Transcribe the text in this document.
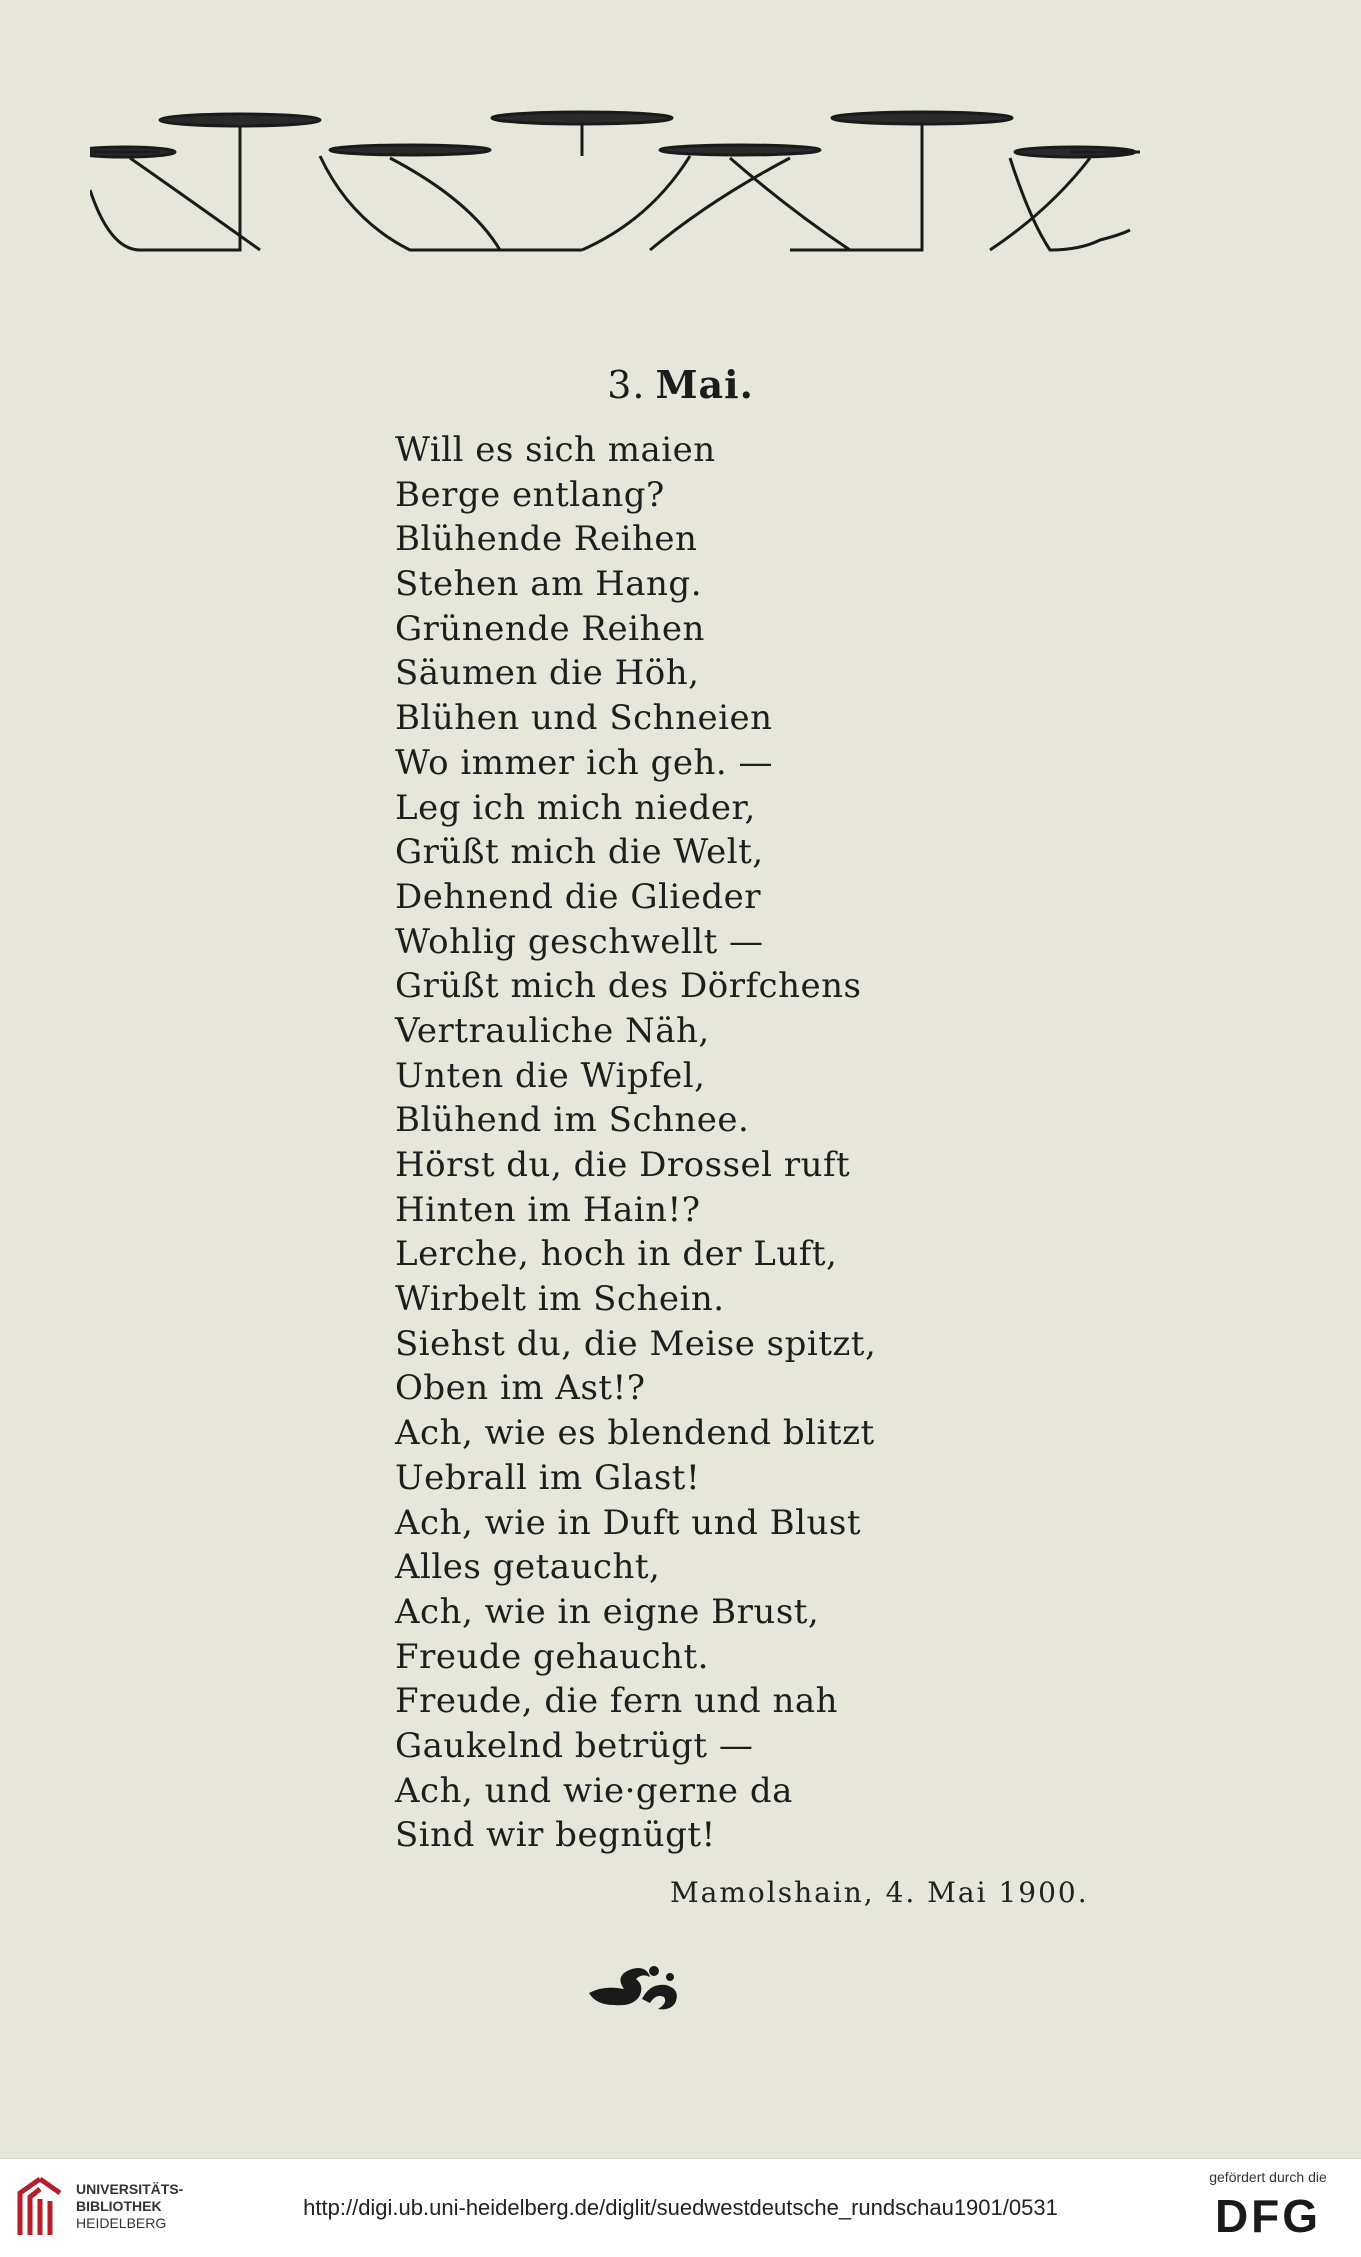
3. Mai.
Will es sich maien
Berge entlang?
Blühende Reihen
Stehen am Hang.
Grünende Reihen
Säumen die Höh,
Blühen und Schneien
Wo immer ich geh. —
Leg ich mich nieder,
Grüßt mich die Welt,
Dehnend die Glieder
Wohlig geschwellt —
Grüßt mich des Dörfchens
Vertrauliche Näh,
Unten die Wipfel,
Blühend im Schnee.
Hörst du, die Drossel ruft
Hinten im Hain!?
Lerche, hoch in der Luft,
Wirbelt im Schein.
Siehst du, die Meise spitzt,
Oben im Ast!?
Ach, wie es blendend blitzt
Uebrall im Glast!
Ach, wie in Duft und Blust
Alles getaucht,
Ach, wie in eigne Brust,
Freude gehaucht.
Freude, die fern und nah
Gaukelnd betrügt —
Ach, und wie·gerne da
Sind wir begnügt!
Mamolshain, 4. Mai 1900.
UNIVERSITÄTS-
BIBLIOTHEK
HEIDELBERG
http://digi.ub.uni-heidelberg.de/diglit/suedwestdeutsche_rundschau1901/0531
gefördert durch die
DFG
